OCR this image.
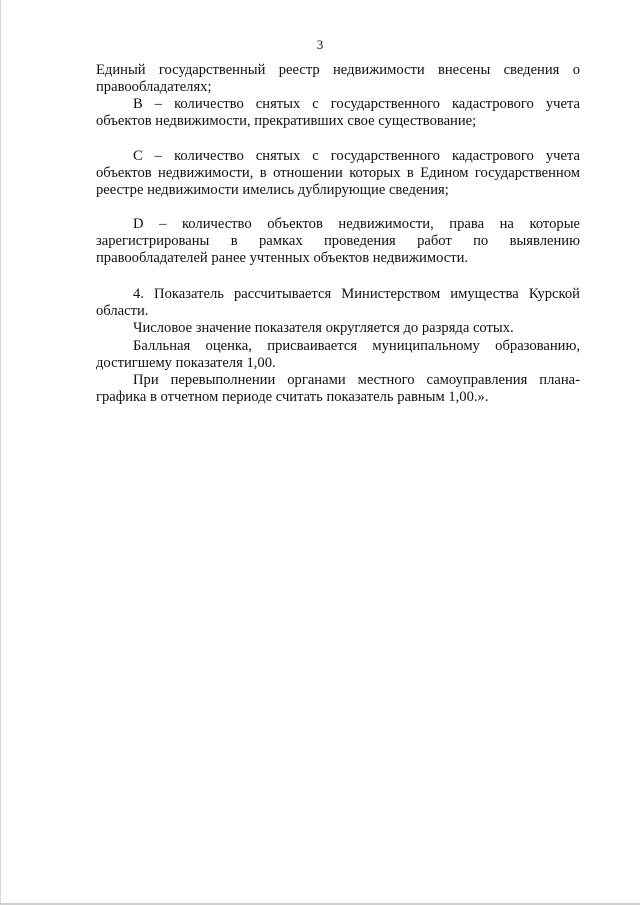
3

Единый государственный реестр недвижимости внесены сведения о правообладателях;

В – количество снятых с государственного кадастрового учета объектов недвижимости, прекративших свое существование;

С – количество снятых с государственного кадастрового учета объектов недвижимости, в отношении которых в Едином государственном реестре недвижимости имелись дублирующие сведения;

D – количество объектов недвижимости, права на которые
зарегистрированы в рамках проведения работ по выявлению
правообладателей ранее учтенных объектов недвижимости.

4. Показатель рассчитывается Министерством имущества Курской области.

Числовое значение показателя округляется до разряда сотых.

Балльная оценка, присваивается муниципальному образованию, достигшему показателя 1,00.

При перевыполнении органами местного самоуправления плана-графика в отчетном периоде считать показатель равным 1,00.».
